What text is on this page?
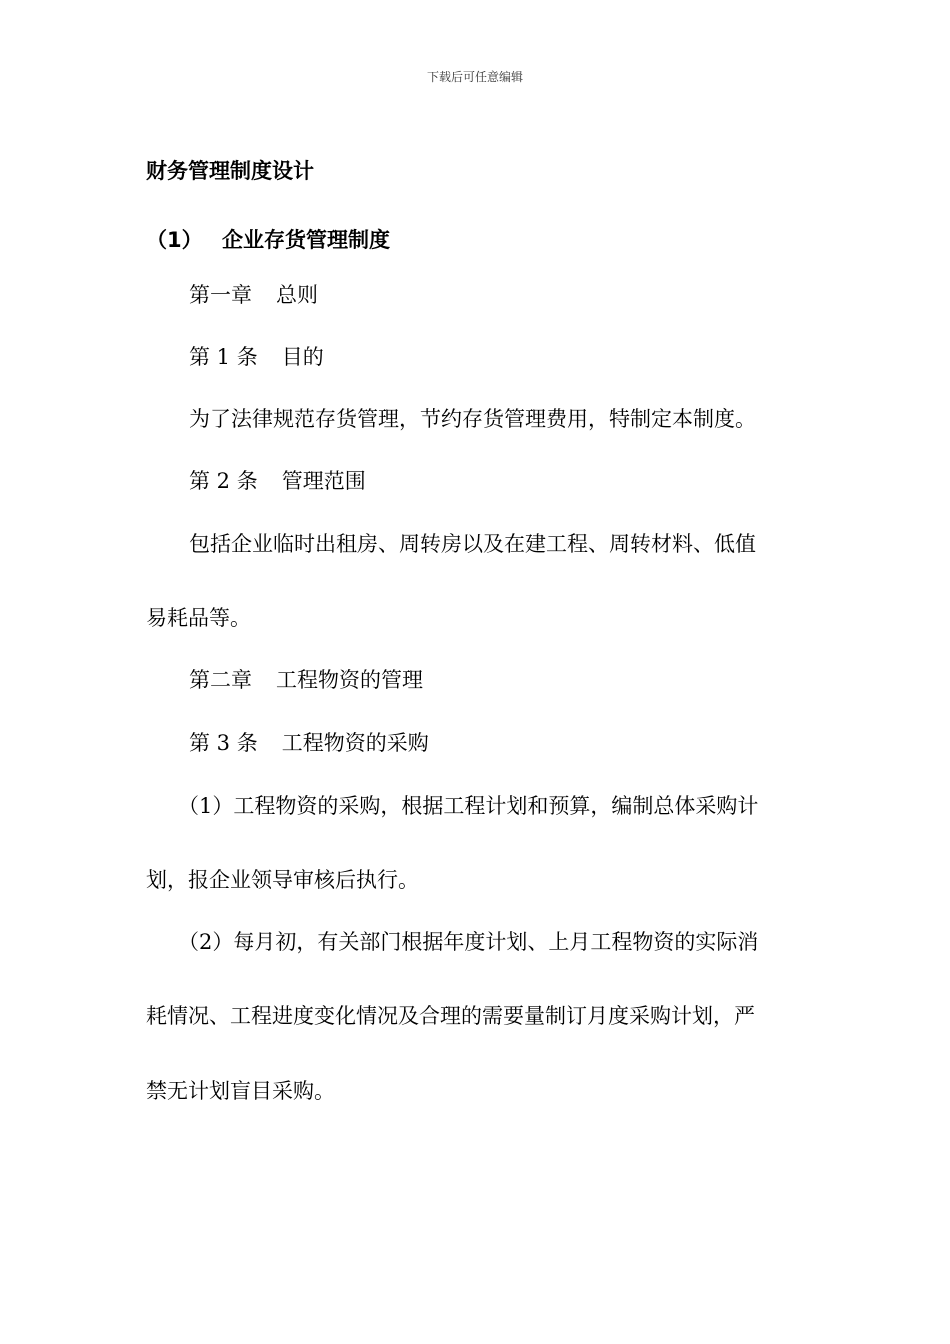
下载后可任意编辑
财务管理制度设计
（1） 企业存货管理制度
第一章 总则
第 1 条 目的
为了法律规范存货管理，节约存货管理费用，特制定本制度。
第 2 条 管理范围
包括企业临时出租房、周转房以及在建工程、周转材料、低值
易耗品等。
第二章 工程物资的管理
第 3 条 工程物资的采购
（1）工程物资的采购，根据工程计划和预算，编制总体采购计
划，报企业领导审核后执行。
（2）每月初，有关部门根据年度计划、上月工程物资的实际消
耗情况、工程进度变化情况及合理的需要量制订月度采购计划，严
禁无计划盲目采购。
